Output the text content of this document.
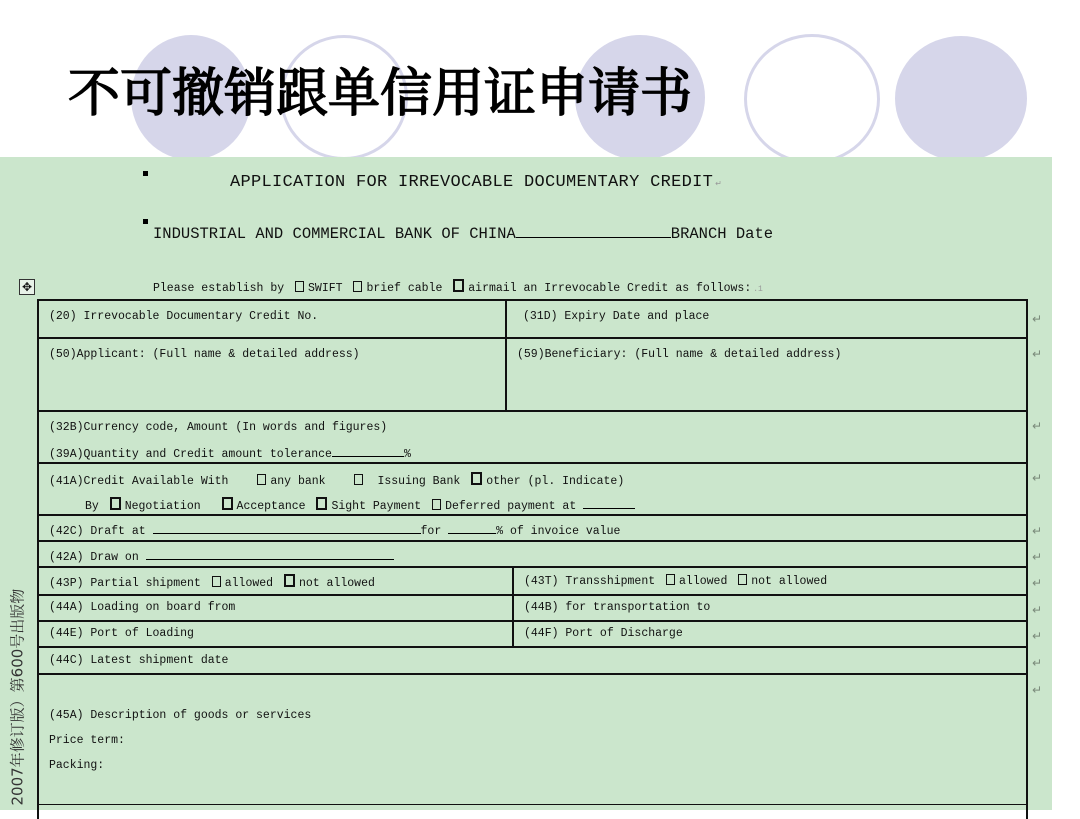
不可撤销跟单信用证申请书
APPLICATION FOR IRREVOCABLE DOCUMENTARY CREDIT ↵
INDUSTRIAL AND COMMERCIAL BANK OF CHINA	BRANCH Date
✥	Please establish by SWIFT brief cable airmail an Irrevocable Credit as follows: .1
(20) Irrevocable Documentary Credit No.	(31D) Expiry Date and place
(50)Applicant: (Full name & detailed address)	(59)Beneficiary: (Full name & detailed address)
(32B)Currency code, Amount (In words and figures)
(39A)Quantity and Credit amount tolerance	%
(41A)Credit Available With	any bank	Issuing Bank other (pl. Indicate)
By Negotiation	Acceptance Sight Payment Deferred payment at
(42C) Draft at	for	% of invoice value
(42A) Draw on
(43P) Partial shipment allowed not allowed	(43T) Transshipment allowed not allowed
(44A) Loading on board from	(44B) for transportation to
(44E) Port of Loading	(44F) Port of Discharge
(44C) Latest shipment date
(45A) Description of goods or services
Price term:
Packing:
↵
↵
↵
↵
↵
↵
↵
↵
↵
↵
↵
2007年修订版）第600号出版物
